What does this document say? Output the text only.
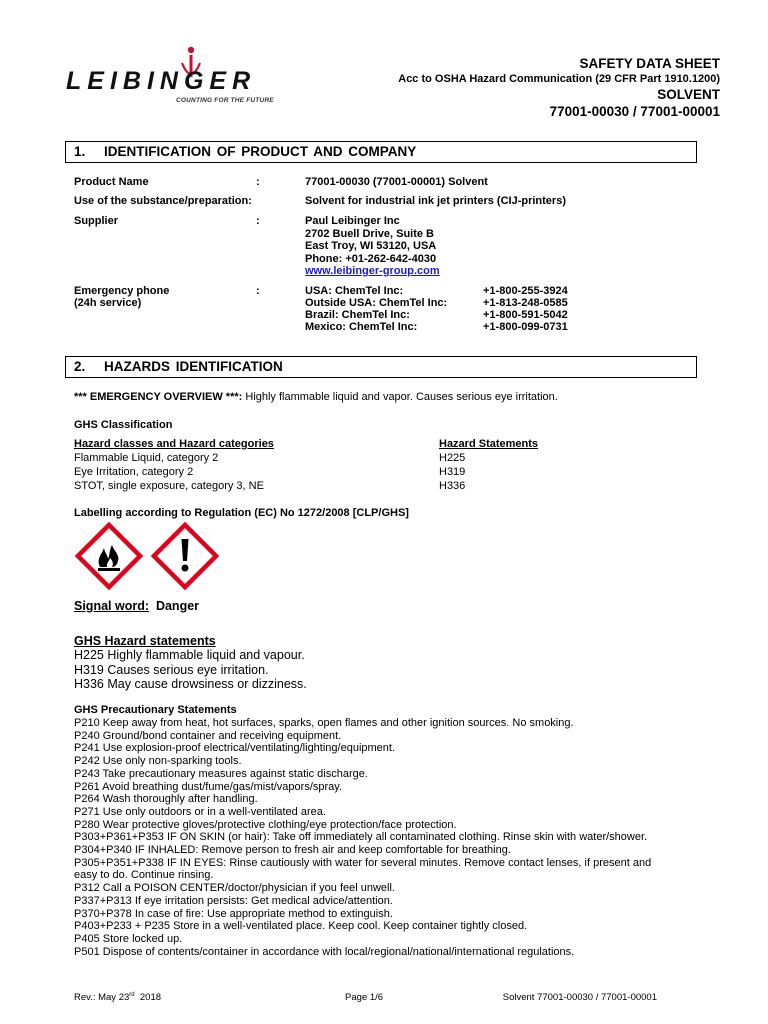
LEIBINGER
COUNTING FOR THE FUTURE
SAFETY DATA SHEET
Acc to OSHA Hazard Communication (29 CFR Part 1910.1200)
SOLVENT
77001-00030 / 77001-00001
1. IDENTIFICATION OF PRODUCT AND COMPANY
Product Name	:	77001-00030 (77001-00001) Solvent
Use of the substance/preparation:	Solvent for industrial ink jet printers (CIJ-printers)
Supplier	:	Paul Leibinger Inc
2702 Buell Drive, Suite B
East Troy, WI 53120, USA
Phone: +01-262-642-4030
www.leibinger-group.com
Emergency phone
(24h service)
:	USA: ChemTel Inc:	+1-800-255-3924
Outside USA: ChemTel Inc:	+1-813-248-0585
Brazil: ChemTel Inc:	+1-800-591-5042
Mexico: ChemTel Inc:	+1-800-099-0731
2. HAZARDS IDENTIFICATION
*** EMERGENCY OVERVIEW ***: Highly flammable liquid and vapor. Causes serious eye irritation.
GHS Classification
Hazard classes and Hazard categories	Hazard Statements
Flammable Liquid, category 2	H225
Eye Irritation, category 2	H319
STOT, single exposure, category 3, NE	H336
Labelling according to Regulation (EC) No 1272/2008 [CLP/GHS]
Signal word: Danger
GHS Hazard statements
H225 Highly flammable liquid and vapour.
H319 Causes serious eye irritation.
H336 May cause drowsiness or dizziness.
GHS Precautionary Statements
P210 Keep away from heat, hot surfaces, sparks, open flames and other ignition sources. No smoking.
P240 Ground/bond container and receiving equipment.
P241 Use explosion-proof electrical/ventilating/lighting/equipment.
P242 Use only non-sparking tools.
P243 Take precautionary measures against static discharge.
P261 Avoid breathing dust/fume/gas/mist/vapors/spray.
P264 Wash thoroughly after handling.
P271 Use only outdoors or in a well-ventilated area.
P280 Wear protective gloves/protective clothing/eye protection/face protection.
P303+P361+P353 IF ON SKIN (or hair): Take off immediately all contaminated clothing. Rinse skin with water/shower.
P304+P340 IF INHALED: Remove person to fresh air and keep comfortable for breathing.
P305+P351+P338 IF IN EYES: Rinse cautiously with water for several minutes. Remove contact lenses, if present and
easy to do. Continue rinsing.
P312 Call a POISON CENTER/doctor/physician if you feel unwell.
P337+P313 If eye irritation persists: Get medical advice/attention.
P370+P378 In case of fire: Use appropriate method to extinguish.
P403+P233 + P235 Store in a well-ventilated place. Keep cool. Keep container tightly closed.
P405 Store locked up.
P501 Dispose of contents/container in accordance with local/regional/national/international regulations.
Rev.: May 23rd  2018	Page 1/6	Solvent 77001-00030 / 77001-00001
